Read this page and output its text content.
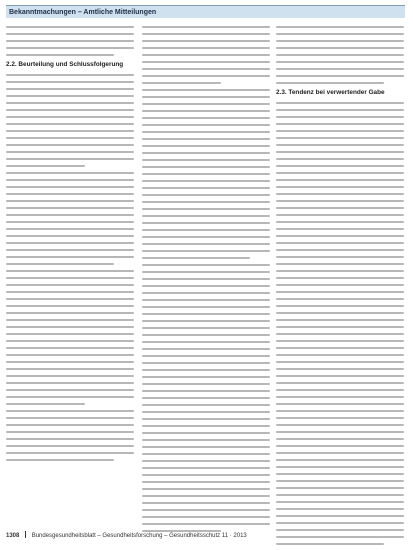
Bekanntmachungen – Amtliche Mitteilungen
2.2. Beurteilung und Schlussfolgerung
2.3. Tendenz bei verwertender Gabe
1308 Bundesgesundheitsblatt – Gesundheitsforschung – Gesundheitsschutz 11 · 2013
